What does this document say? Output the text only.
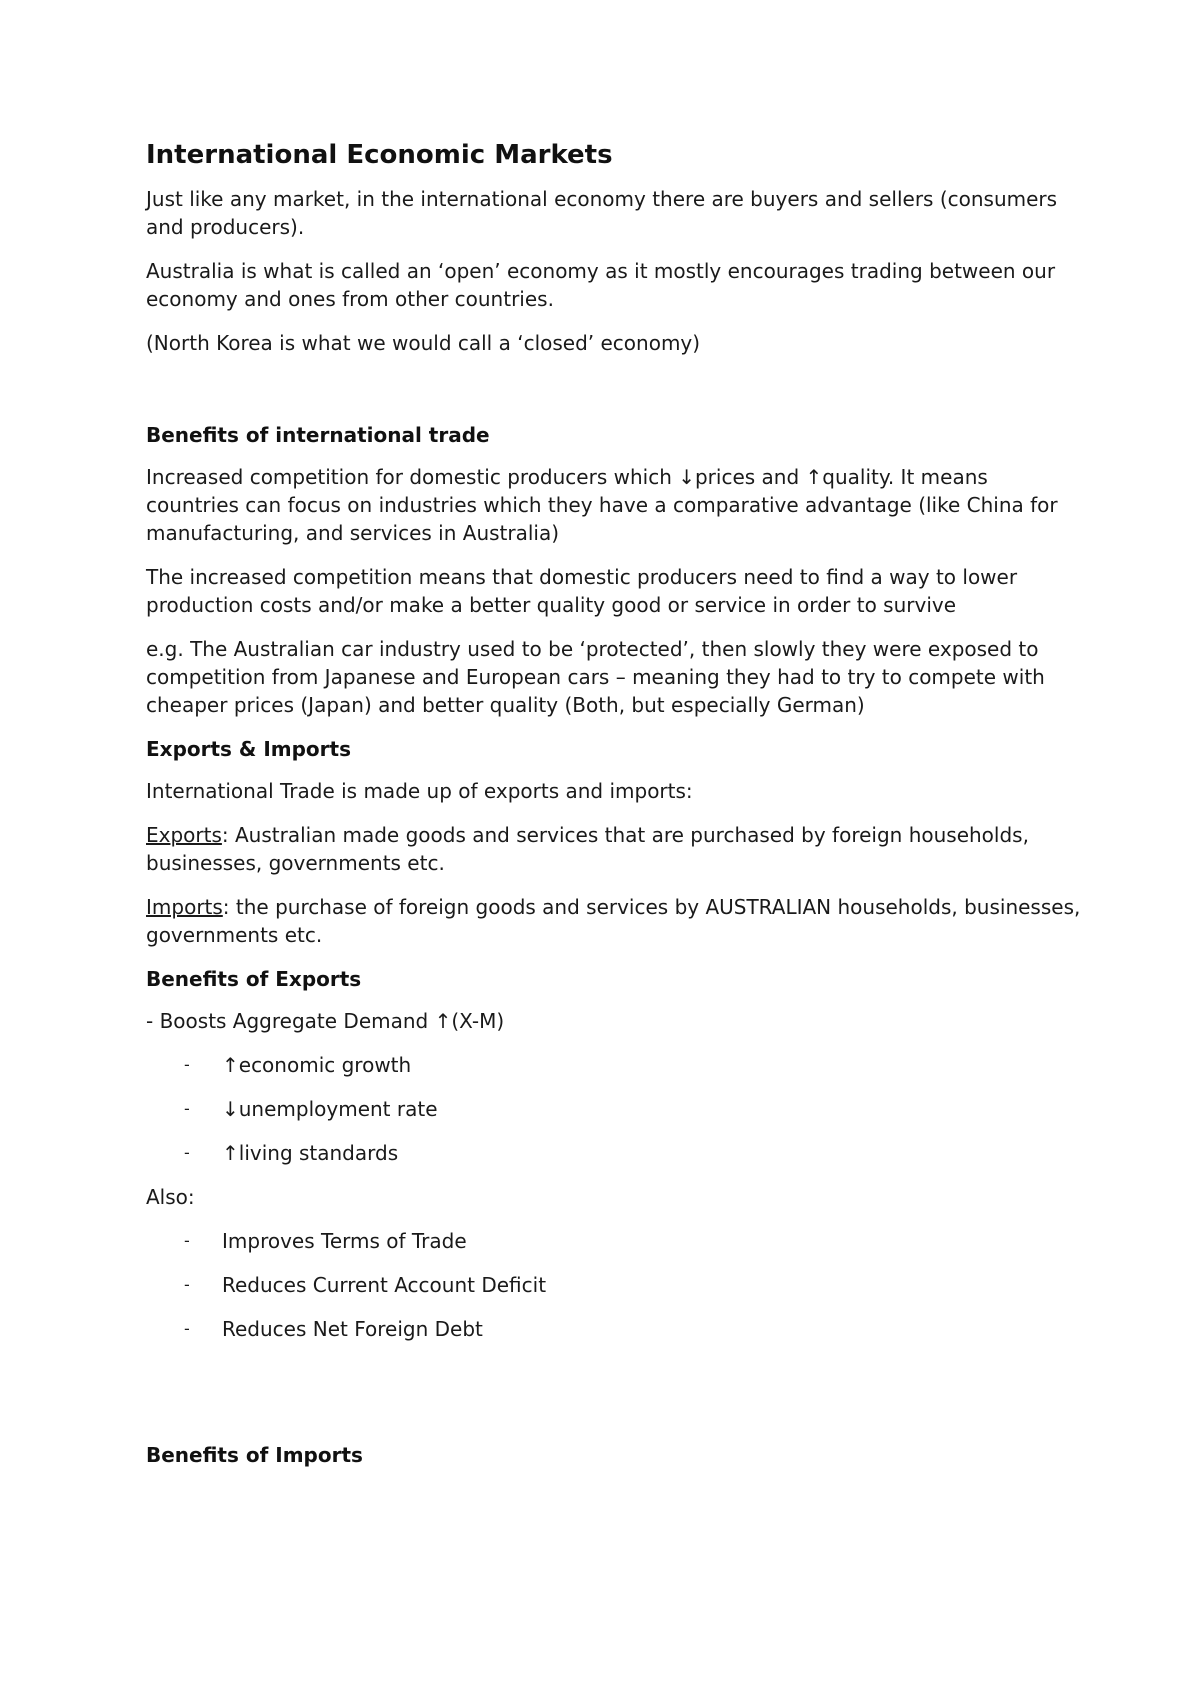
International Economic Markets

Just like any market, in the international economy there are buyers and sellers (consumers and producers).

Australia is what is called an ‘open’ economy as it mostly encourages trading between our economy and ones from other countries.

(North Korea is what we would call a ‘closed’ economy)

Benefits of international trade

Increased competition for domestic producers which ↓prices and ↑quality. It means countries can focus on industries which they have a comparative advantage (like China for manufacturing, and services in Australia)

The increased competition means that domestic producers need to find a way to lower production costs and/or make a better quality good or service in order to survive

e.g. The Australian car industry used to be ‘protected’, then slowly they were exposed to competition from Japanese and European cars – meaning they had to try to compete with cheaper prices (Japan) and better quality (Both, but especially German)

Exports & Imports

International Trade is made up of exports and imports:

Exports: Australian made goods and services that are purchased by foreign households, businesses, governments etc.

Imports: the purchase of foreign goods and services by AUSTRALIAN households, businesses, governments etc.

Benefits of Exports

- Boosts Aggregate Demand ↑(X-M)

-	↑economic growth
-	↓unemployment rate
-	↑living standards

Also:

-	Improves Terms of Trade
-	Reduces Current Account Deficit
-	Reduces Net Foreign Debt
Benefits of Imports
